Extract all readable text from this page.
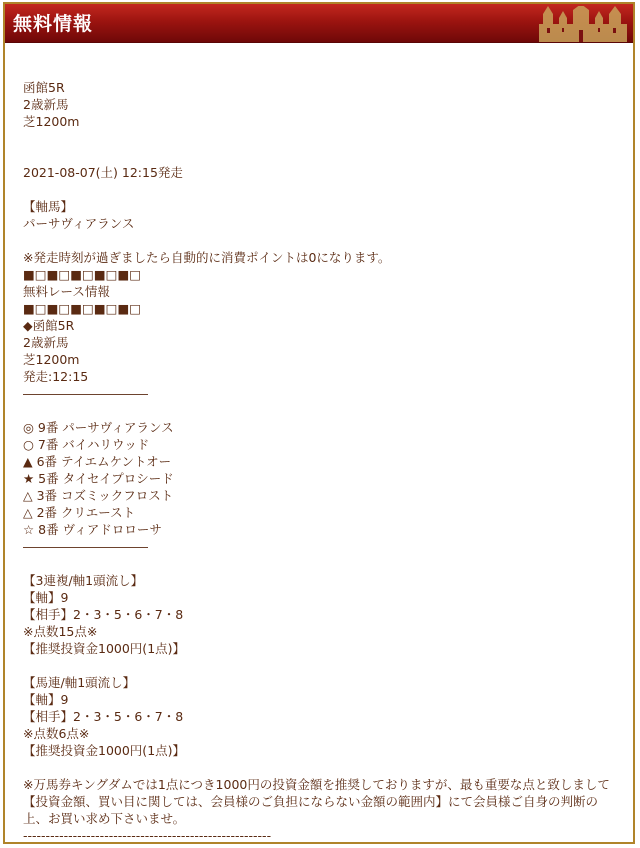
無料情報
函館5R
2歳新馬
芝1200m
2021-08-07(土) 12:15発走
【軸馬】
パーサヴィアランス
※発走時刻が過ぎましたら自動的に消費ポイントは0になります。
■□■□■□■□■□
無料レース情報
■□■□■□■□■□
◆函館5R
2歳新馬
芝1200m
発走:12:15
――――――――――
◎ 9番 パーサヴィアランス
○ 7番 バイハリウッド
▲ 6番 テイエムケントオー
★ 5番 タイセイプロシード
△ 3番 コズミックフロスト
△ 2番 クリエースト
☆ 8番 ヴィアドロローサ
――――――――――
【3連複/軸1頭流し】
【軸】9
【相手】2・3・5・6・7・8
※点数15点※
【推奨投資金1000円(1点)】
【馬連/軸1頭流し】
【軸】9
【相手】2・3・5・6・7・8
※点数6点※
【推奨投資金1000円(1点)】
※万馬券キングダムでは1点につき1000円の投資金額を推奨しておりますが、最も重要な点と致しまして【投資金額、買い目に関しては、会員様のご負担にならない金額の範囲内】にて会員様ご自身の判断の上、お買い求め下さいませ。
-------------------------------------------------------
